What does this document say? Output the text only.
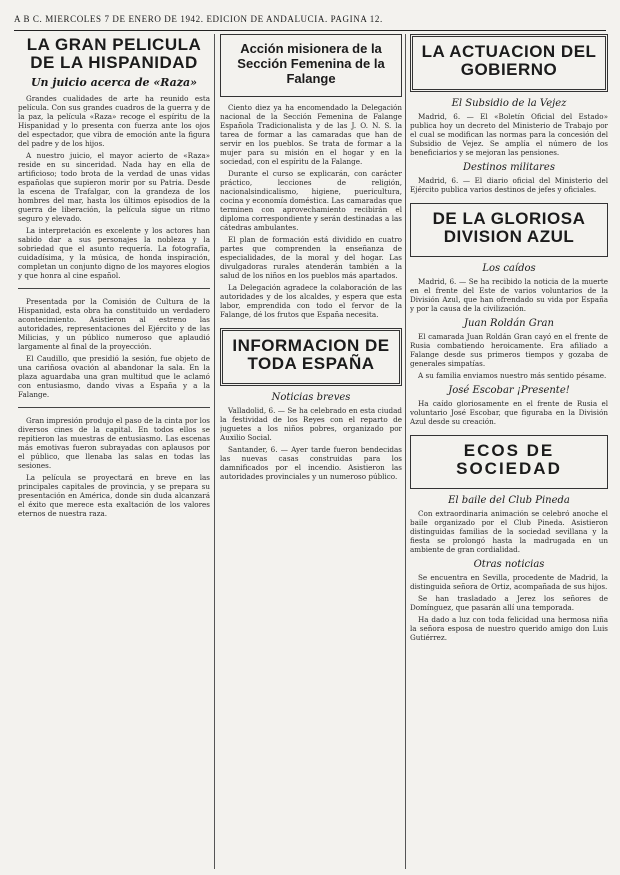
A B C. MIERCOLES 7 DE ENERO DE 1942. EDICION DE ANDALUCIA. PAGINA 12.
LA GRAN PELICULA DE LA HISPANIDAD
Un juicio acerca de «Raza»

Grandes cualidades de arte ha reunido esta película. Con sus grandes cuadros de la guerra y de la paz, la película «Raza» recoge el espíritu de la Hispanidad y lo presenta con fuerza ante los ojos del espectador, que vibra de emoción ante la figura del padre y de los hijos.

A nuestro juicio, el mayor acierto de «Raza» reside en su sinceridad. Nada hay en ella de artificioso; todo brota de la verdad de unas vidas españolas que supieron morir por su Patria. Desde la escena de Trafalgar, con la grandeza de los hombres del mar, hasta los últimos episodios de la guerra de liberación, la película sigue un ritmo seguro y elevado.

La interpretación es excelente y los actores han sabido dar a sus personajes la nobleza y la sobriedad que el asunto requería. La fotografía, cuidadísima, y la música, de honda inspiración, completan un conjunto digno de los mayores elogios y que honra al cine español.

Presentada por la Comisión de Cultura de la Hispanidad, esta obra ha constituido un verdadero acontecimiento. Asistieron al estreno las autoridades, representaciones del Ejército y de las Milicias, y un público numeroso que aplaudió largamente al final de la proyección.

El Caudillo, que presidió la sesión, fue objeto de una cariñosa ovación al abandonar la sala. En la plaza aguardaba una gran multitud que le aclamó con entusiasmo, dando vivas a España y a la Falange.

Gran impresión produjo el paso de la cinta por los diversos cines de la capital. En todos ellos se repitieron las muestras de entusiasmo. Las escenas más emotivas fueron subrayadas con aplausos por el público, que llenaba las salas en todas las sesiones.

La película se proyectará en breve en las principales capitales de provincia, y se prepara su presentación en América, donde sin duda alcanzará el éxito que merece esta exaltación de los valores eternos de nuestra raza.

Acción misionera de la Sección Femenina de la Falange

Ciento diez ya ha encomendado la Delegación nacional de la Sección Femenina de Falange Española Tradicionalista y de las J. O. N. S. la tarea de formar a las camaradas que han de servir en los pueblos. Se trata de formar a la mujer para su misión en el hogar y en la sociedad, con el espíritu de la Falange.

Durante el curso se explicarán, con carácter práctico, lecciones de religión, nacionalsindicalismo, higiene, puericultura, cocina y economía doméstica. Las camaradas que terminen con aprovechamiento recibirán el diploma correspondiente y serán destinadas a las cátedras ambulantes.

El plan de formación está dividido en cuatro partes que comprenden la enseñanza de especialidades, de la moral y del hogar. Las divulgadoras rurales atenderán también a la salud de los niños en los pueblos más apartados.

La Delegación agradece la colaboración de las autoridades y de los alcaldes, y espera que esta labor, emprendida con todo el fervor de la Falange, dé los frutos que España necesita.

INFORMACION DE TODA ESPAÑA
Noticias breves

Valladolid, 6. — Se ha celebrado en esta ciudad la festividad de los Reyes con el reparto de juguetes a los niños pobres, organizado por Auxilio Social.

Santander, 6. — Ayer tarde fueron bendecidas las nuevas casas construidas para los damnificados por el incendio. Asistieron las autoridades provinciales y un numeroso público.

LA ACTUACION DEL GOBIERNO
El Subsidio de la Vejez

Madrid, 6. — El «Boletín Oficial del Estado» publica hoy un decreto del Ministerio de Trabajo por el cual se modifican las normas para la concesión del Subsidio de Vejez. Se amplía el número de los beneficiarios y se mejoran las pensiones.

Destinos militares

Madrid, 6. — El diario oficial del Ministerio del Ejército publica varios destinos de jefes y oficiales.

DE LA GLORIOSA DIVISION AZUL
Los caídos

Madrid, 6. — Se ha recibido la noticia de la muerte en el frente del Este de varios voluntarios de la División Azul, que han ofrendado su vida por España y por la causa de la civilización.

Juan Roldán Gran

El camarada Juan Roldán Gran cayó en el frente de Rusia combatiendo heroicamente. Era afiliado a Falange desde sus primeros tiempos y gozaba de generales simpatías.

A su familia enviamos nuestro más sentido pésame.

José Escobar ¡Presente!

Ha caído gloriosamente en el frente de Rusia el voluntario José Escobar, que figuraba en la División Azul desde su creación.

ECOS DE SOCIEDAD
El baile del Club Pineda

Con extraordinaria animación se celebró anoche el baile organizado por el Club Pineda. Asistieron distinguidas familias de la sociedad sevillana y la fiesta se prolongó hasta la madrugada en un ambiente de gran cordialidad.

Otras noticias

Se encuentra en Sevilla, procedente de Madrid, la distinguida señora de Ortiz, acompañada de sus hijos.

Se han trasladado a Jerez los señores de Domínguez, que pasarán allí una temporada.

Ha dado a luz con toda felicidad una hermosa niña la señora esposa de nuestro querido amigo don Luis Gutiérrez.
